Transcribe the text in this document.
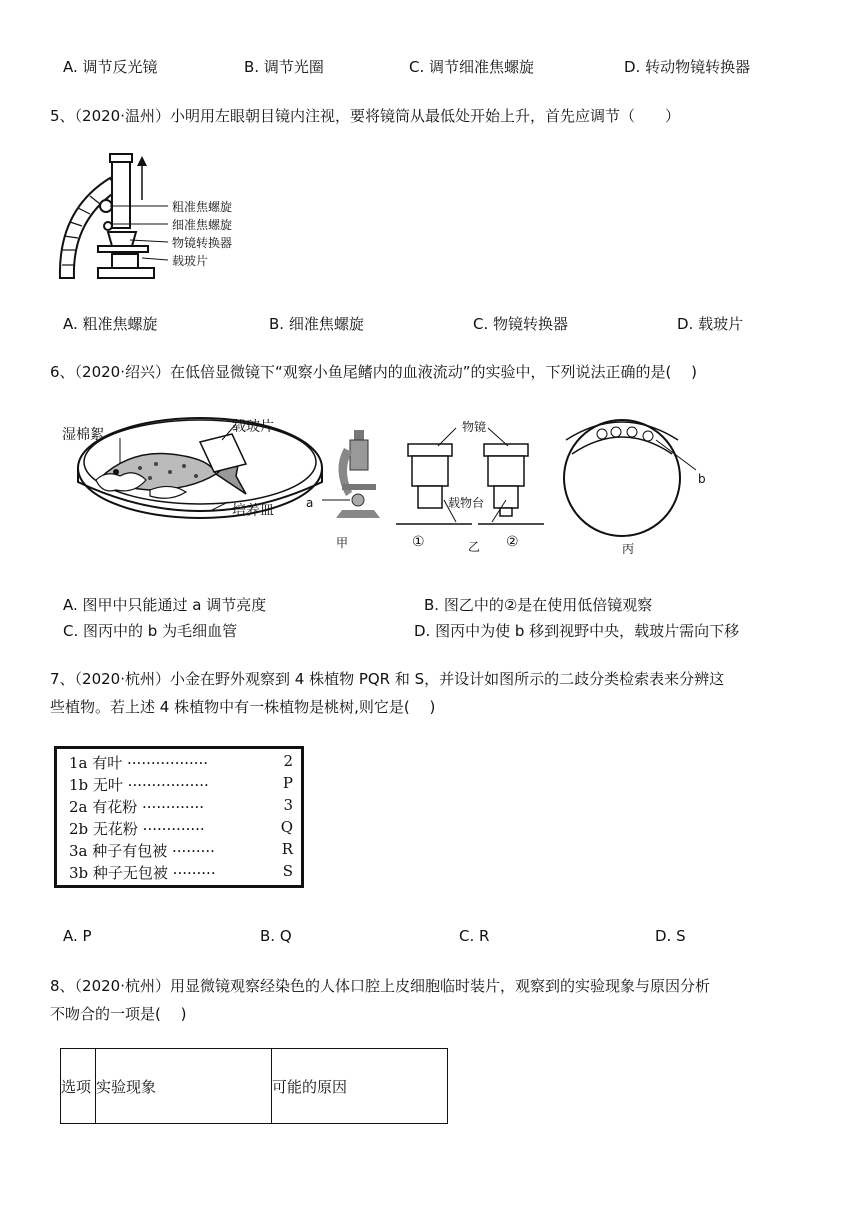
A. 调节反光镜	B. 调节光圈	C. 调节细准焦螺旋	D. 转动物镜转换器
5、（2020·温州）小明用左眼朝目镜内注视，要将镜筒从最低处开始上升，首先应调节（　　）
粗准焦螺旋
细准焦螺旋
物镜转换器
载玻片
A. 粗准焦螺旋	B. 细准焦螺旋	C. 物镜转换器	D. 载玻片
6、（2020·绍兴）在低倍显微镜下“观察小鱼尾鳍内的血液流动”的实验中，下列说法正确的是(　 )
湿棉絮	载玻片
培养皿	a
甲
物镜
载物台
①	乙 ②
b
丙
A. 图甲中只能通过 a 调节亮度	B. 图乙中的②是在使用低倍镜观察
C. 图丙中的 b 为毛细血管	D. 图丙中为使 b 移到视野中央，载玻片需向下移
7、（2020·杭州）小金在野外观察到 4 株植物 PQR 和 S，并设计如图所示的二歧分类检索表来分辨这
些植物。若上述 4 株植物中有一株植物是桃树,则它是(　 )
1a 有叶 ·················	2
1b 无叶 ·················	P
2a 有花粉 ·············	3
2b 无花粉 ·············	Q
3a 种子有包被 ·········	R
3b 种子无包被 ·········	S
A. P	B. Q	C. R	D. S
8、（2020·杭州）用显微镜观察经染色的人体口腔上皮细胞临时装片，观察到的实验现象与原因分析
不吻合的一项是(　 )
选项	实验现象	可能的原因
